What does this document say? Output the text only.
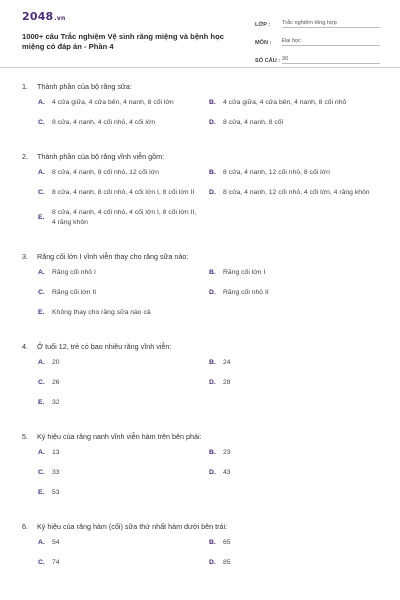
2048.vn
1000+ câu Trắc nghiệm Vệ sinh răng miệng và bệnh học miệng có đáp án - Phần 4
LỚP :	Trắc nghiệm tổng hợp
MÔN :	Đại học
SỐ CÂU : 30
1.	Thành phần của bộ răng sữa:
A.	4 cửa giữa, 4 cửa bên, 4 nanh, 8 cối lớn	B.	4 cửa giữa, 4 cửa bên, 4 nanh, 8 cối nhỏ
C.	8 cửa, 4 nanh, 4 cối nhỏ, 4 cối lớn	D.	8 cửa, 4 nanh, 8 cối
2.	Thành phần của bộ răng vĩnh viễn gồm:
A.	8 cửa, 4 nanh, 8 cối nhỏ, 12 cối lớn	B.	8 cửa, 4 nanh, 12 cối nhỏ, 8 cối lớn
C.	8 cửa, 4 nanh, 8 cối nhỏ, 4 cối lớn I, 8 cối lớn II D.	8 cửa, 4 nanh, 12 cối nhỏ, 4 cối lớn, 4 răng khôn
E.
8 cửa, 4 nanh, 4 cối nhỏ, 4 cối lớn I, 8 cối lớn II, 4 răng khôn
3.	Răng cối lớn I vĩnh viễn thay cho răng sữa nào:
A.	Răng cối nhỏ I	B.	Răng cối lớn I
C.	Răng cối lớn II	D.	Răng cối nhỏ II
E.	Không thay cho răng sữa nào cả
4.	Ở tuổi 12, trẻ có bao nhiêu răng vĩnh viễn:
A.	20	B.	24
C.	26	D.	28
E.	32
5.	Ký hiệu của răng nanh vĩnh viễn hàm trên bên phải:
A.	13	B.	23
C.	33	D.	43
E.	53
6.	Ký hiệu của răng hàm (cối) sữa thứ nhất hàm dưới bên trái:
A.	54	B.	65
C.	74	D.	85
